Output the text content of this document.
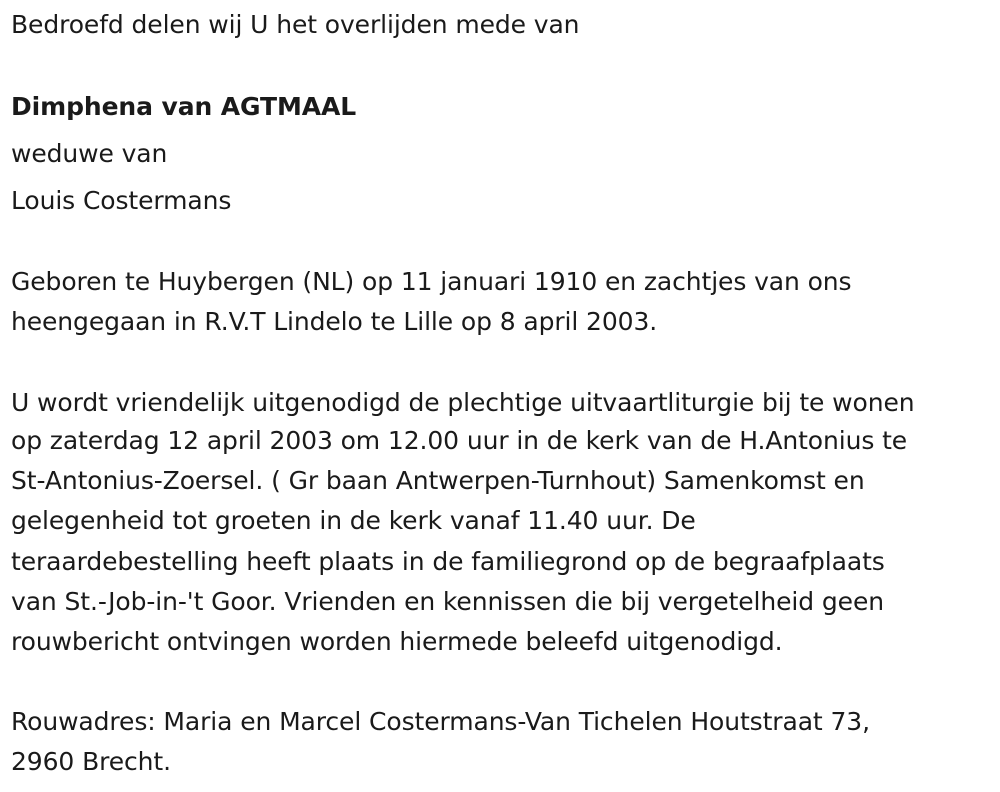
Bedroefd delen wij U het overlijden mede van
Dimphena van AGTMAAL
weduwe van
Louis Costermans
Geboren te Huybergen (NL) op 11 januari 1910 en zachtjes van ons
heengegaan in R.V.T Lindelo te Lille op 8 april 2003.
U wordt vriendelijk uitgenodigd de plechtige uitvaartliturgie bij te wonen
op zaterdag 12 april 2003 om 12.00 uur in de kerk van de H.Antonius te
St-Antonius-Zoersel. ( Gr baan Antwerpen-Turnhout) Samenkomst en
gelegenheid tot groeten in de kerk vanaf 11.40 uur. De
teraardebestelling heeft plaats in de familiegrond op de begraafplaats
van St.-Job-in-'t Goor. Vrienden en kennissen die bij vergetelheid geen
rouwbericht ontvingen worden hiermede beleefd uitgenodigd.
Rouwadres: Maria en Marcel Costermans-Van Tichelen Houtstraat 73,
2960 Brecht.
